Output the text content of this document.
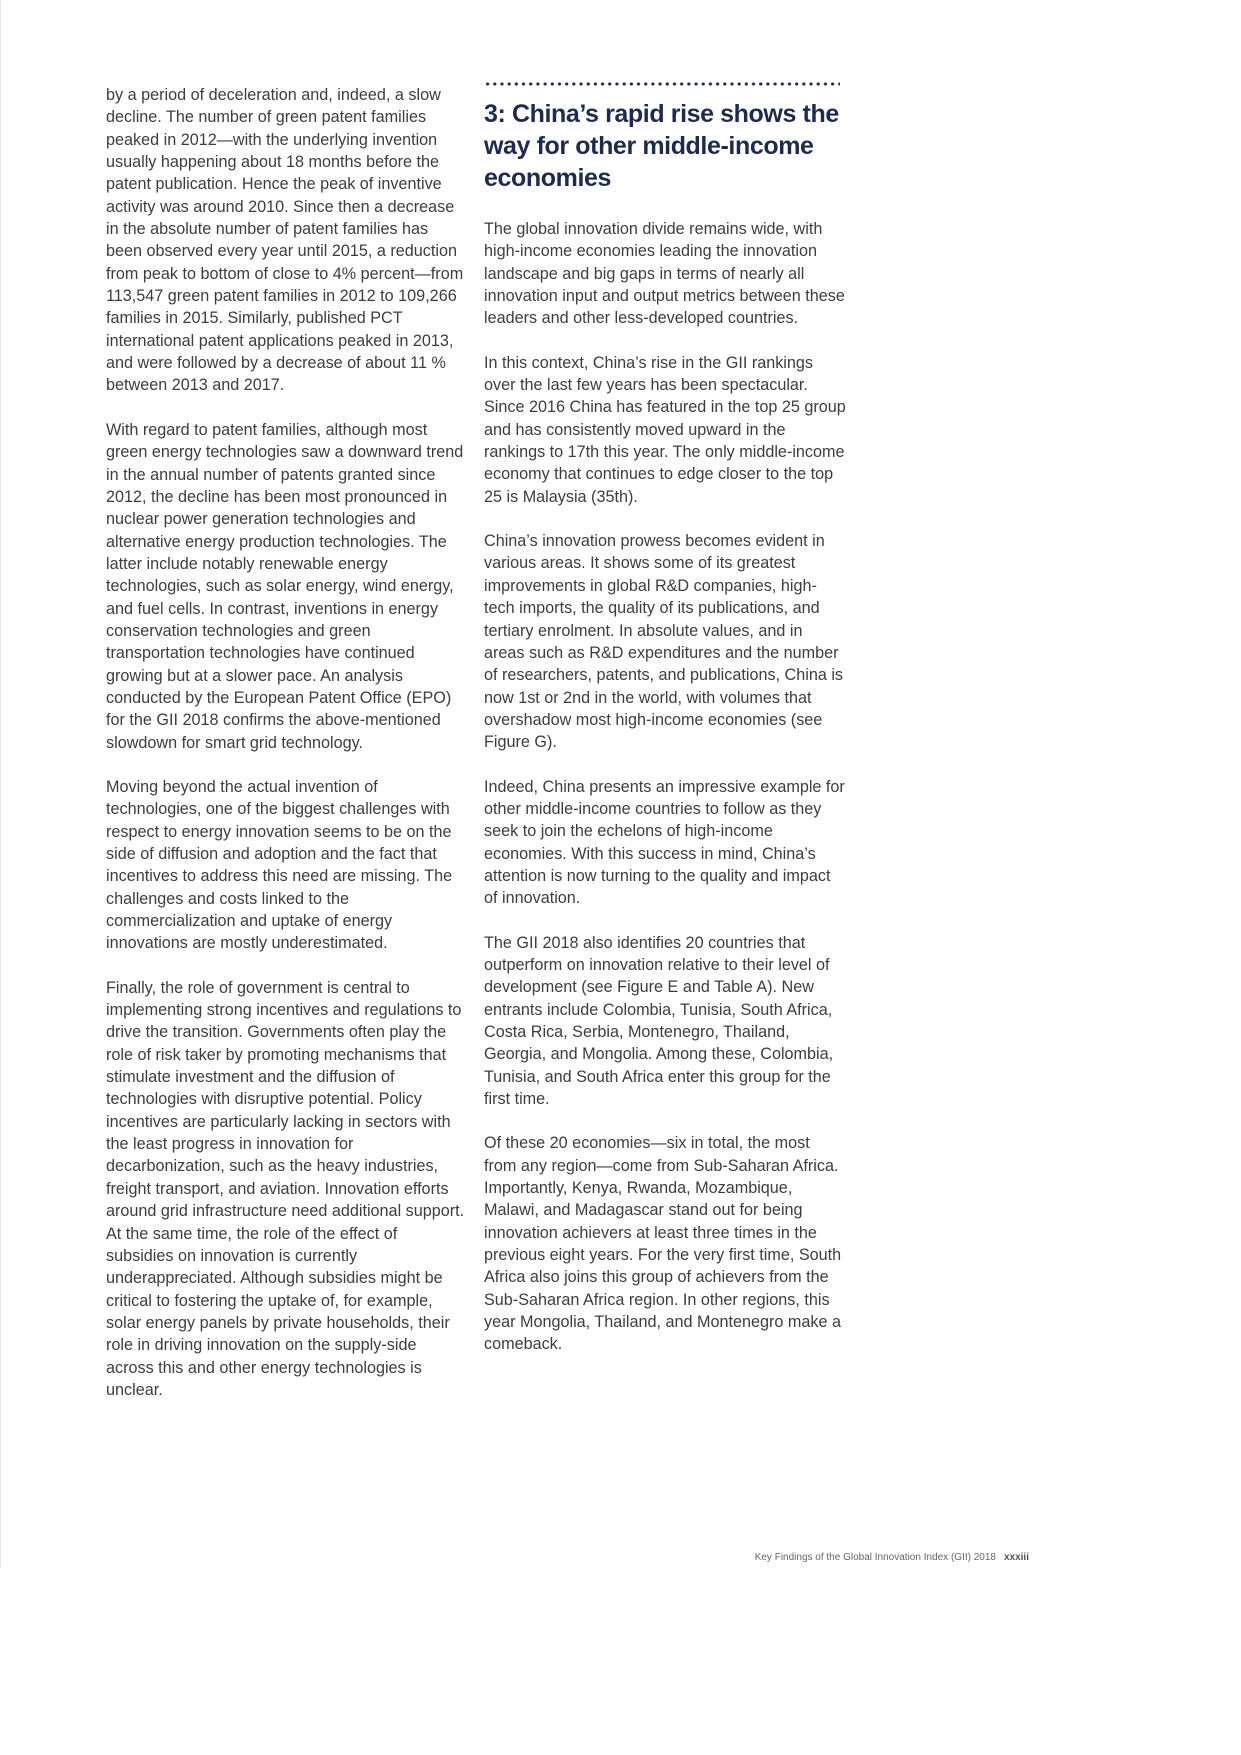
by a period of deceleration and, indeed, a slow decline. The number of green patent families peaked in 2012—with the underlying invention usually happening about 18 months before the patent publication. Hence the peak of inventive activity was around 2010. Since then a decrease in the absolute number of patent families has been observed every year until 2015, a reduction from peak to bottom of close to 4% percent—from 113,547 green patent families in 2012 to 109,266 families in 2015. Similarly, published PCT international patent applications peaked in 2013, and were followed by a decrease of about 11 % between 2013 and 2017.

With regard to patent families, although most green energy technologies saw a downward trend in the annual number of patents granted since 2012, the decline has been most pronounced in nuclear power generation technologies and alternative energy production technologies. The latter include notably renewable energy technologies, such as solar energy, wind energy, and fuel cells. In contrast, inventions in energy conservation technologies and green transportation technologies have continued growing but at a slower pace. An analysis conducted by the European Patent Office (EPO) for the GII 2018 confirms the above-mentioned slowdown for smart grid technology.

Moving beyond the actual invention of technologies, one of the biggest challenges with respect to energy innovation seems to be on the side of diffusion and adoption and the fact that incentives to address this need are missing. The challenges and costs linked to the commercialization and uptake of energy innovations are mostly underestimated.

Finally, the role of government is central to implementing strong incentives and regulations to drive the transition. Governments often play the role of risk taker by promoting mechanisms that stimulate investment and the diffusion of technologies with disruptive potential. Policy incentives are particularly lacking in sectors with the least progress in innovation for decarbonization, such as the heavy industries, freight transport, and aviation. Innovation efforts around grid infrastructure need additional support. At the same time, the role of the effect of subsidies on innovation is currently underappreciated. Although subsidies might be critical to fostering the uptake of, for example, solar energy panels by private households, their role in driving innovation on the supply-side across this and other energy technologies is unclear.

3: China’s rapid rise shows the way for other middle-income economies

The global innovation divide remains wide, with high-income economies leading the innovation landscape and big gaps in terms of nearly all innovation input and output metrics between these leaders and other less-developed countries.

In this context, China’s rise in the GII rankings over the last few years has been spectacular. Since 2016 China has featured in the top 25 group and has consistently moved upward in the rankings to 17th this year. The only middle-income economy that continues to edge closer to the top 25 is Malaysia (35th).

China’s innovation prowess becomes evident in various areas. It shows some of its greatest improvements in global R&D companies, high-tech imports, the quality of its publications, and tertiary enrolment. In absolute values, and in areas such as R&D expenditures and the number of researchers, patents, and publications, China is now 1st or 2nd in the world, with volumes that overshadow most high-income economies (see Figure G).

Indeed, China presents an impressive example for other middle-income countries to follow as they seek to join the echelons of high-income economies. With this success in mind, China’s attention is now turning to the quality and impact of innovation.

The GII 2018 also identifies 20 countries that outperform on innovation relative to their level of development (see Figure E and Table A). New entrants include Colombia, Tunisia, South Africa, Costa Rica, Serbia, Montenegro, Thailand, Georgia, and Mongolia. Among these, Colombia, Tunisia, and South Africa enter this group for the first time.

Of these 20 economies—six in total, the most from any region—come from Sub-Saharan Africa. Importantly, Kenya, Rwanda, Mozambique, Malawi, and Madagascar stand out for being innovation achievers at least three times in the previous eight years. For the very first time, South Africa also joins this group of achievers from the Sub-Saharan Africa region. In other regions, this year Mongolia, Thailand, and Montenegro make a comeback.

Key Findings of the Global Innovation Index (GII) 2018 xxxiii
